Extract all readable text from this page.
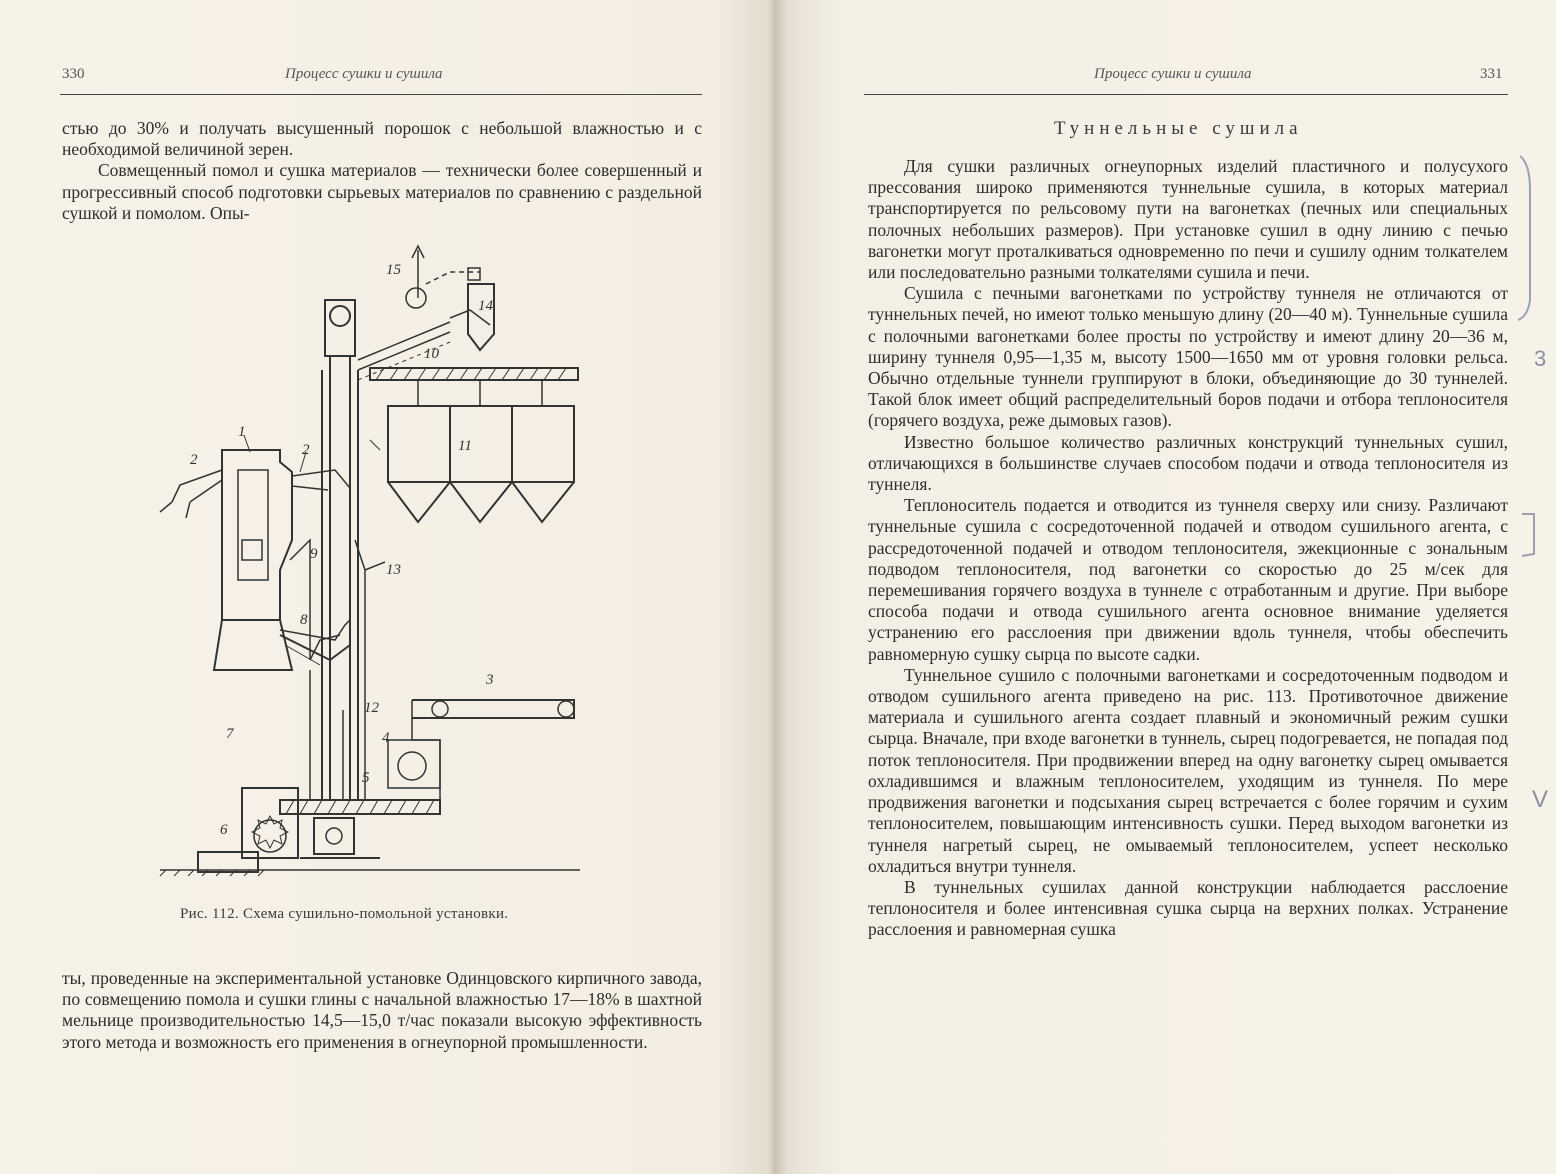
330	Процесс сушки и сушила

стью до 30% и получать высушенный порошок с небольшой влажностью и с необходимой величиной зерен.

Совмещенный помол и сушка материалов — технически более совершенный и прогрессивный способ подготовки сырьевых материалов по сравнению с раздельной сушкой и помолом. Опы-

1
2
2
3
4
5
6
7
8
9
10
11
12
13
14
15
Рис. 112. Схема сушильно-помольной установки.

ты, проведенные на экспериментальной установке Одинцовского кирпичного завода, по совмещению помола и сушки глины с начальной влажностью 17—18% в шахтной мельнице производительностью 14,5—15,0 т/час показали высокую эффективность этого метода и возможность его применения в огнеупорной промышленности.

Процесс сушки и сушила	331
Туннельные сушила

Для сушки различных огнеупорных изделий пластичного и полусухого прессования широко применяются туннельные сушила, в которых материал транспортируется по рельсовому пути на вагонетках (печных или специальных полочных небольших размеров). При установке сушил в одну линию с печью вагонетки могут проталкиваться одновременно по печи и сушилу одним толкателем или последовательно разными толкателями сушила и печи.

Сушила с печными вагонетками по устройству туннеля не отличаются от туннельных печей, но имеют только меньшую длину (20—40 м). Туннельные сушила с полочными вагонетками более просты по устройству и имеют длину 20—36 м, ширину туннеля 0,95—1,35 м, высоту 1500—1650 мм от уровня головки рельса. Обычно отдельные туннели группируют в блоки, объединяющие до 30 туннелей. Такой блок имеет общий распределительный боров подачи и отбора теплоносителя (горячего воздуха, реже дымовых газов).

Известно большое количество различных конструкций туннельных сушил, отличающихся в большинстве случаев способом подачи и отвода теплоносителя из туннеля.

Теплоноситель подается и отводится из туннеля сверху или снизу. Различают туннельные сушила с сосредоточенной подачей и отводом сушильного агента, с рассредоточенной подачей и отводом теплоносителя, эжекционные с зональным подводом теплоносителя, под вагонетки со скоростью до 25 м/сек для перемешивания горячего воздуха в туннеле с отработанным и другие. При выборе способа подачи и отвода сушильного агента основное внимание уделяется устранению его расслоения при движении вдоль туннеля, чтобы обеспечить равномерную сушку сырца по высоте садки.

Туннельное сушило с полочными вагонетками и сосредоточенным подводом и отводом сушильного агента приведено на рис. 113. Противоточное движение материала и сушильного агента создает плавный и экономичный режим сушки сырца. Вначале, при входе вагонетки в туннель, сырец подогревается, не попадая под поток теплоносителя. При продвижении вперед на одну вагонетку сырец омывается охладившимся и влажным теплоносителем, уходящим из туннеля. По мере продвижения вагонетки и подсыхания сырец встречается с более горячим и сухим теплоносителем, повышающим интенсивность сушки. Перед выходом вагонетки из туннеля нагретый сырец, не омываемый теплоносителем, успеет несколько охладиться внутри туннеля.

В туннельных сушилах данной конструкции наблюдается расслоение теплоносителя и более интенсивная сушка сырца на верхних полках. Устранение расслоения и равномерная сушка

3
V
